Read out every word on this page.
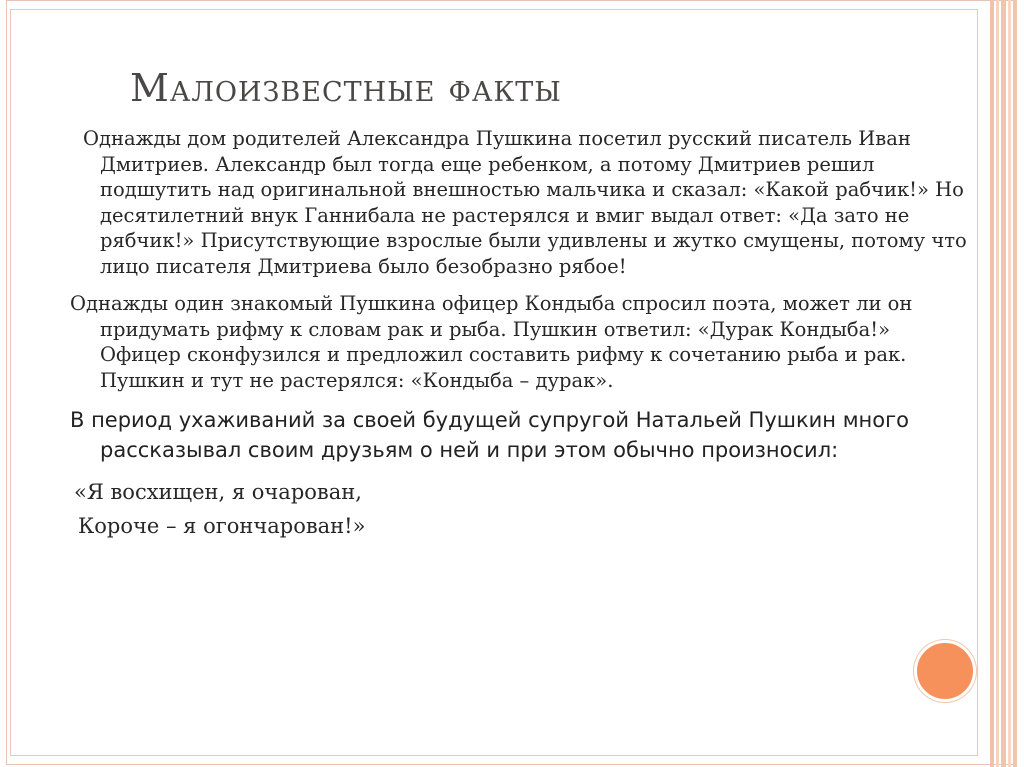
Малоизвестные факты

Однажды дом родителей Александра Пушкина посетил русский писатель Иван Дмитриев. Александр был тогда еще ребенком, а потому Дмитриев решил подшутить над оригинальной внешностью мальчика и сказал: «Какой рабчик!» Но десятилетний внук Ганнибала не растерялся и вмиг выдал ответ: «Да зато не рябчик!» Присутствующие взрослые были удивлены и жутко смущены, потому что лицо писателя Дмитриева было безобразно рябое!

Однажды один знакомый Пушкина офицер Кондыба спросил поэта, может ли он придумать рифму к словам рак и рыба. Пушкин ответил: «Дурак Кондыба!» Офицер сконфузился и предложил составить рифму к сочетанию рыба и рак. Пушкин и тут не растерялся: «Кондыба – дурак».

В период ухаживаний за своей будущей супругой Натальей Пушкин много рассказывал своим друзьям о ней и при этом обычно произносил:

«Я восхищен, я очарован,

Короче – я огончарован!»
